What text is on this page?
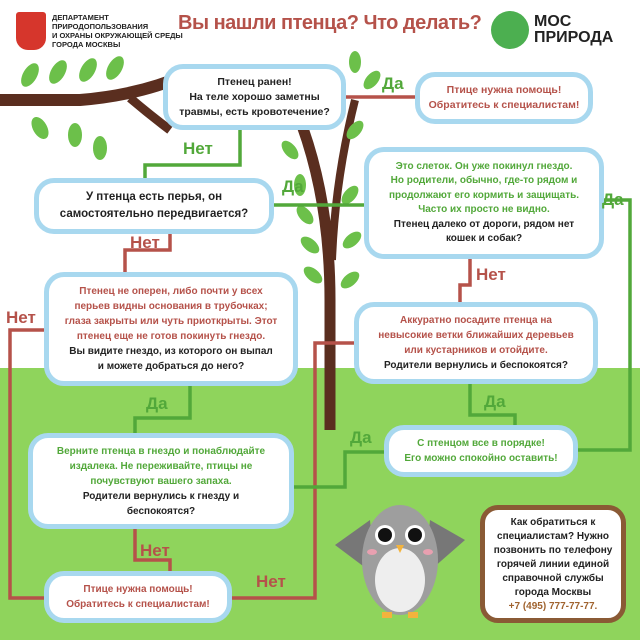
ДЕПАРТАМЕНТ
ПРИРОДОПОЛЬЗОВАНИЯ
И ОХРАНЫ ОКРУЖАЮЩЕЙ СРЕДЫ
ГОРОДА МОСКВЫ
Вы нашли птенца? Что делать?	МОС
ПРИРОДА
Птенец ранен!
На теле хорошо заметны
травмы, есть кровотечение?
Птице нужна помощь!
Обратитесь к специалистам!
У птенца есть перья, он
самостоятельно передвигается?
Это слеток. Он уже покинул гнездо.
Но родители, обычно, где-то рядом и
продолжают его кормить и защищать.
Часто их просто не видно.
Птенец далеко от дороги, рядом нет
кошек и собак?
Птенец не оперен, либо почти у всех
перьев видны основания в трубочках;
глаза закрыты или чуть приоткрыты. Этот
птенец еще не готов покинуть гнездо.
Вы видите гнездо, из которого он выпал
и можете добраться до него?
Аккуратно посадите птенца на
невысокие ветки ближайших деревьев
или кустарников и отойдите.
Родители вернулись и беспокоятся?
Верните птенца в гнездо и понаблюдайте
издалека. Не переживайте, птицы не
почувствуют вашего запаха.
Родители вернулись к гнезду и
беспокоятся?
С птенцом все в порядке!
Его можно спокойно оставить!
Птице нужна помощь!
Обратитесь к специалистам!
Как обратиться к
специалистам? Нужно
позвонить по телефону
горячей линии единой
справочной службы
города Москвы
+7 (495) 777-77-77.
Да
Нет
Да
Нет
Да
Нет
Нет
Да	Да
Да
Нет
Нет
